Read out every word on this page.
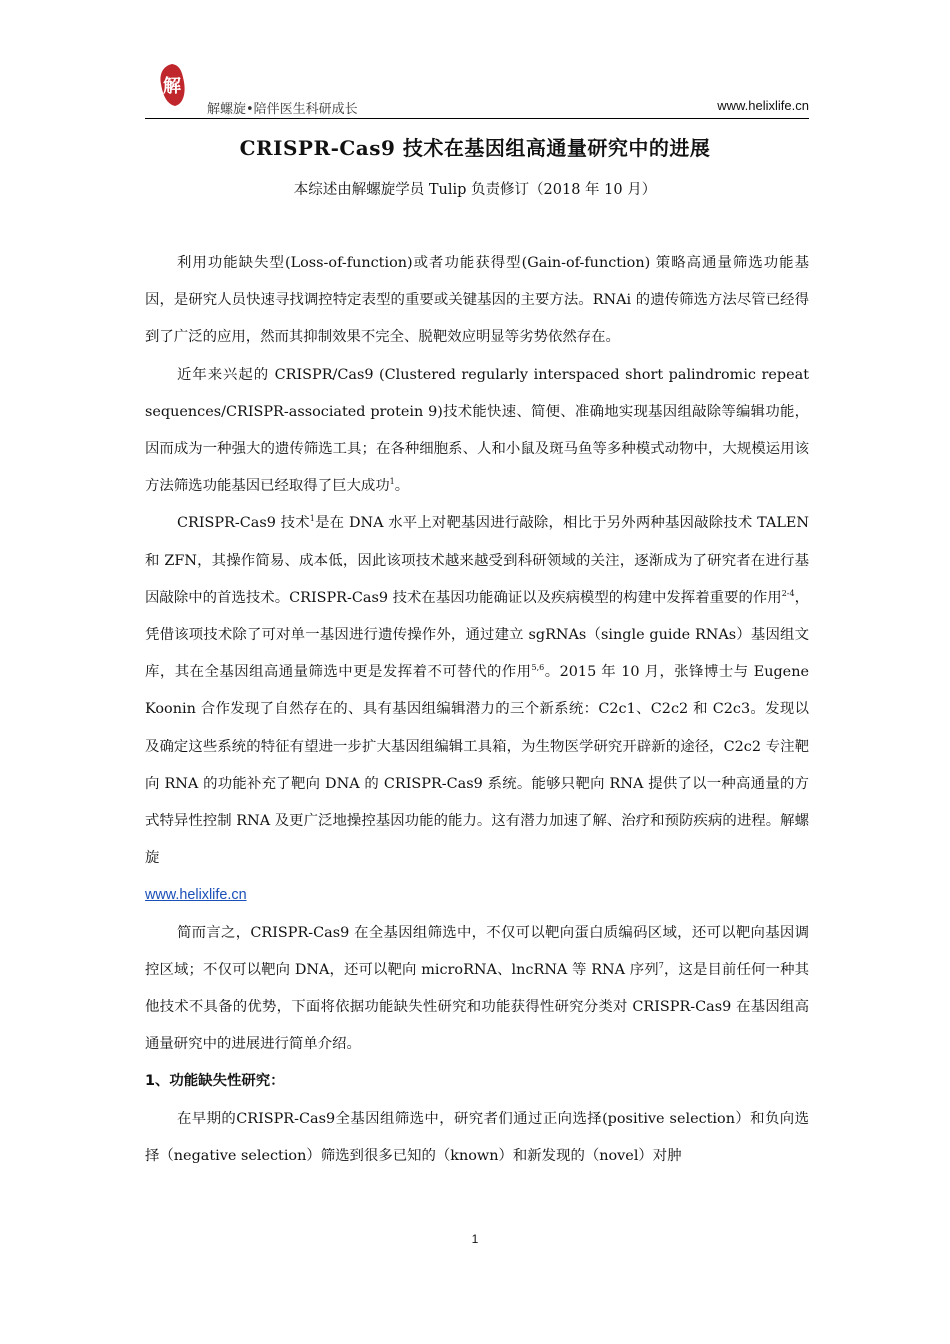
解
解螺旋•陪伴医生科研成长	www.helixlife.cn
CRISPR-Cas9 技术在基因组高通量研究中的进展
本综述由解螺旋学员 Tulip 负责修订（2018 年 10 月）

利用功能缺失型(Loss-of-function)或者功能获得型(Gain-of-function) 策略高通量筛选功能基因，是研究人员快速寻找调控特定表型的重要或关键基因的主要方法。RNAi 的遗传筛选方法尽管已经得到了广泛的应用，然而其抑制效果不完全、脱靶效应明显等劣势依然存在。

近年来兴起的 CRISPR/Cas9 (Clustered regularly interspaced short palindromic repeat sequences/CRISPR-associated protein 9)技术能快速、简便、准确地实现基因组敲除等编辑功能，因而成为一种强大的遗传筛选工具；在各种细胞系、人和小鼠及斑马鱼等多种模式动物中，大规模运用该方法筛选功能基因已经取得了巨大成功$^1$。

CRISPR-Cas9 技术$^1$是在 DNA 水平上对靶基因进行敲除，相比于另外两种基因敲除技术 TALEN 和 ZFN，其操作简易、成本低，因此该项技术越来越受到科研领域的关注，逐渐成为了研究者在进行基因敲除中的首选技术。CRISPR-Cas9 技术在基因功能确证以及疾病模型的构建中发挥着重要的作用$^{2-4}$，凭借该项技术除了可对单一基因进行遗传操作外，通过建立 sgRNAs（single guide RNAs）基因组文库，其在全基因组高通量筛选中更是发挥着不可替代的作用$^{5,6}$。2015 年 10 月，张锋博士与 Eugene Koonin 合作发现了自然存在的、具有基因组编辑潜力的三个新系统：C2c1、C2c2 和 C2c3。发现以及确定这些系统的特征有望进一步扩大基因组编辑工具箱，为生物医学研究开辟新的途径，C2c2 专注靶向 RNA 的功能补充了靶向 DNA 的 CRISPR-Cas9 系统。能够只靶向 RNA 提供了以一种高通量的方式特异性控制 RNA 及更广泛地操控基因功能的能力。这有潜力加速了解、治疗和预防疾病的进程。解螺旋
www.helixlife.cn

简而言之，CRISPR-Cas9 在全基因组筛选中，不仅可以靶向蛋白质编码区域，还可以靶向基因调控区域；不仅可以靶向 DNA，还可以靶向 microRNA、lncRNA 等 RNA 序列$^7$，这是目前任何一种其他技术不具备的优势，下面将依据功能缺失性研究和功能获得性研究分类对 CRISPR-Cas9 在基因组高通量研究中的进展进行简单介绍。

1、功能缺失性研究：

在早期的CRISPR-Cas9全基因组筛选中，研究者们通过正向选择(positive selection）和负向选择（negative selection）筛选到很多已知的（known）和新发现的（novel）对肿

1
